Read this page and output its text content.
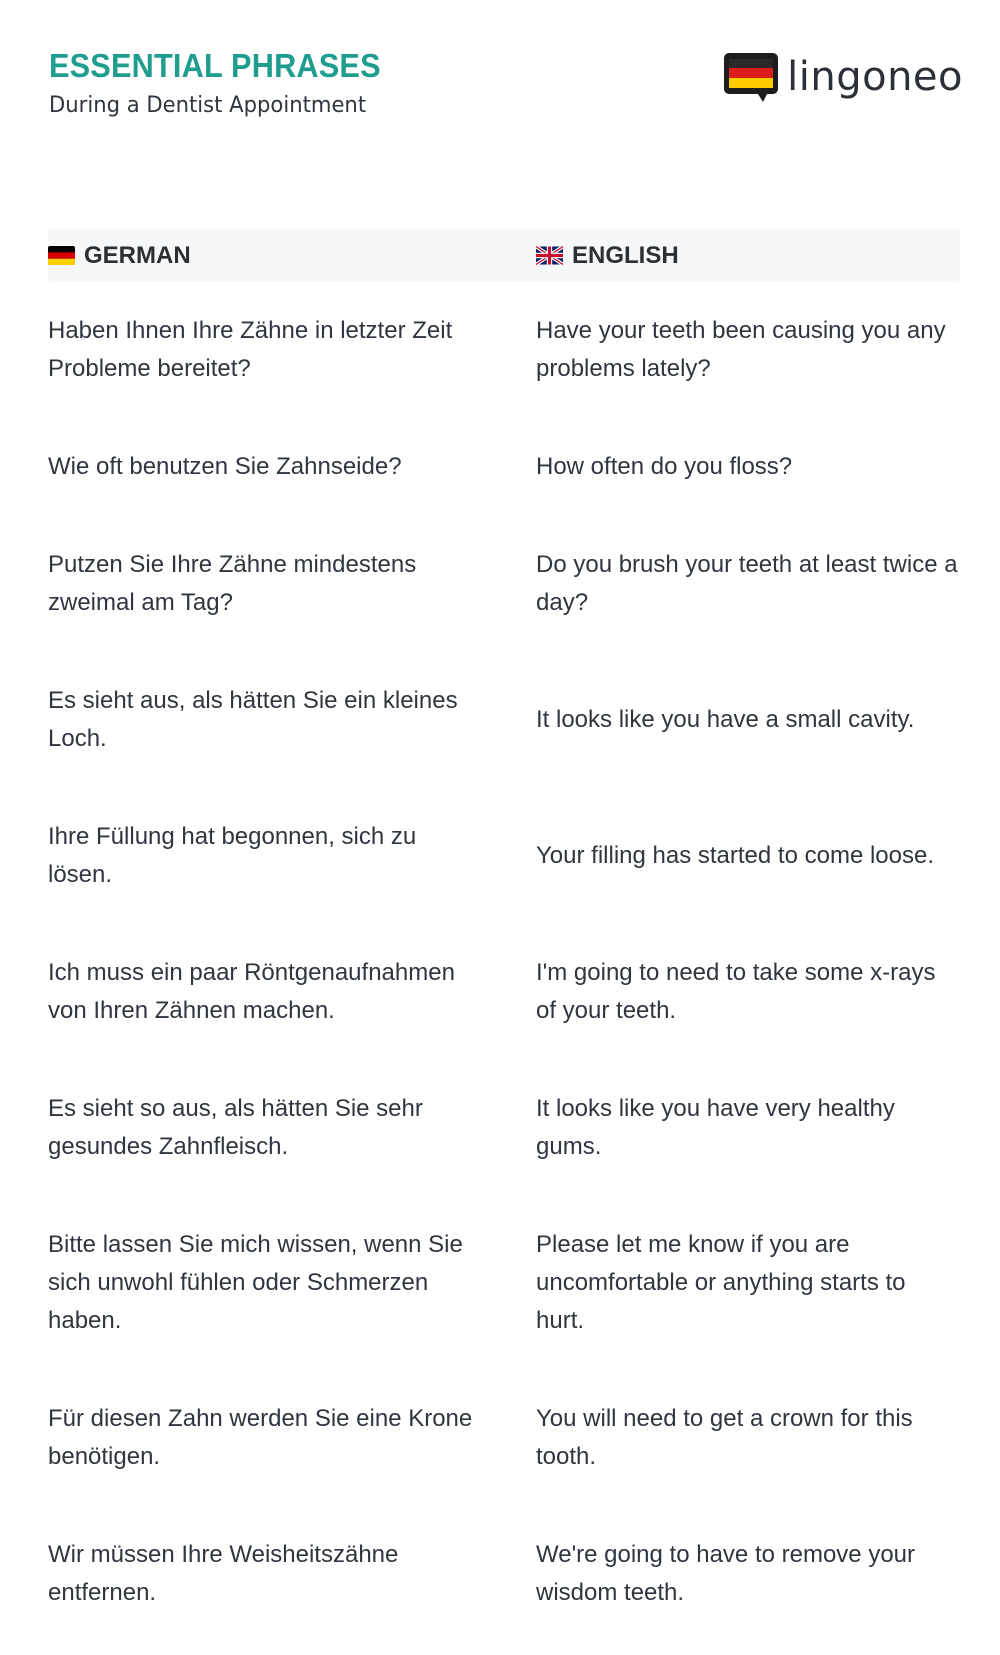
ESSENTIAL PHRASES
During a Dentist Appointment
lingoneo
GERMAN	ENGLISH
Haben Ihnen Ihre Zähne in letzter Zeit Probleme bereitet?
Have your teeth been causing you any problems lately?
Wie oft benutzen Sie Zahnseide?	How often do you floss?
Putzen Sie Ihre Zähne mindestens zweimal am Tag?
Do you brush your teeth at least twice a day?
Es sieht aus, als hätten Sie ein kleines Loch.
It looks like you have a small cavity.
Ihre Füllung hat begonnen, sich zu lösen.
Your filling has started to come loose.
Ich muss ein paar Röntgenaufnahmen von Ihren Zähnen machen.
I'm going to need to take some x-rays of your teeth.
Es sieht so aus, als hätten Sie sehr gesundes Zahnfleisch.
It looks like you have very healthy gums.
Bitte lassen Sie mich wissen, wenn Sie sich unwohl fühlen oder Schmerzen haben.
Please let me know if you are uncomfortable or anything starts to hurt.
Für diesen Zahn werden Sie eine Krone benötigen.
You will need to get a crown for this tooth.
Wir müssen Ihre Weisheitszähne entfernen.
We're going to have to remove your wisdom teeth.
